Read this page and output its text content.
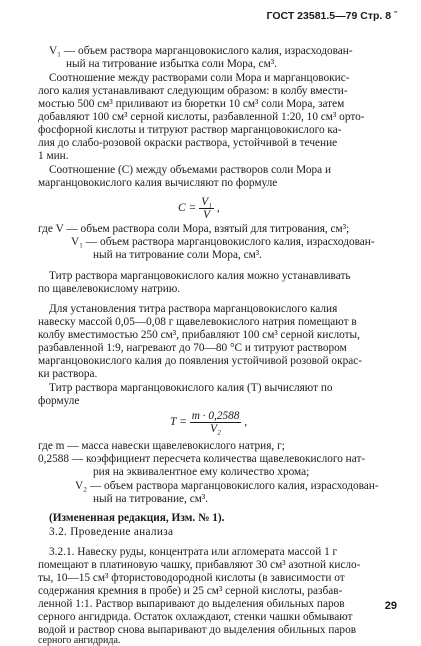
ГОСТ 23581.5—79 Стр. 8 ˜
V₁ — объем раствора марганцовокислого калия, израсходован-
ный на титрование избытка соли Мора, см³.
Соотношение между растворами соли Мора и марганцовокис-
лого калия устанавливают следующим образом: в колбу вмести-
мостью 500 см³ приливают из бюретки 10 см³ соли Мора, затем
добавляют 100 см³ серной кислоты, разбавленной 1:20, 10 см³ орто-
фосфорной кислоты и титруют раствор марганцовокислого ка-
лия до слабо-розовой окраски раствора, устойчивой в течение
1 мин.
Соотношение (C) между объемами растворов соли Мора и
марганцовокислого калия вычисляют по формуле
$C = \frac{\text{V₁}}{V}$ ,
где V — объем раствора соли Мора, взятый для титрования, см³;
V₁ — объем раствора марганцовокислого калия, израсходован-
ный на титрование соли Мора, см³.
Титр раствора марганцовокислого калия можно устанавливать
по щавелевокислому натрию.
Для установления титра раствора марганцовокислого калия
навеску массой 0,05—0,08 г щавелевокислого натрия помещают в
колбу вместимостью 250 см³, прибавляют 100 см³ серной кислоты,
разбавленной 1:9, нагревают до 70—80 °С и титруют раствором
марганцовокислого калия до появления устойчивой розовой окрас-
ки раствора.
Титр раствора марганцовокислого калия (T) вычисляют по
формуле
$T = \frac{m \cdot 0,2588}{\text{V₂}}$ ,
где m — масса навески щавелевокислого натрия, г;
0,2588 — коэффициент пересчета количества щавелевокислого нат-
рия на эквивалентное ему количество хрома;
V₂ — объем раствора марганцовокислого калия, израсходован-
ный на титрование, см³.
(Измененная редакция, Изм. № 1).
3.2. Проведение анализа
3.2.1. Навеску руды, концентрата или агломерата массой 1 г
помещают в платиновую чашку, прибавляют 30 см³ азотной кисло-
ты, 10—15 см³ фтористоводородной кислоты (в зависимости от
содержания кремния в пробе) и 25 см³ серной кислоты, разбав-
ленной 1:1. Раствор выпаривают до выделения обильных паров
серного ангидрида. Остаток охлаждают, стенки чашки обмывают
водой и раствор снова выпаривают до выделения обильных паров
серного ангидрида.
29
